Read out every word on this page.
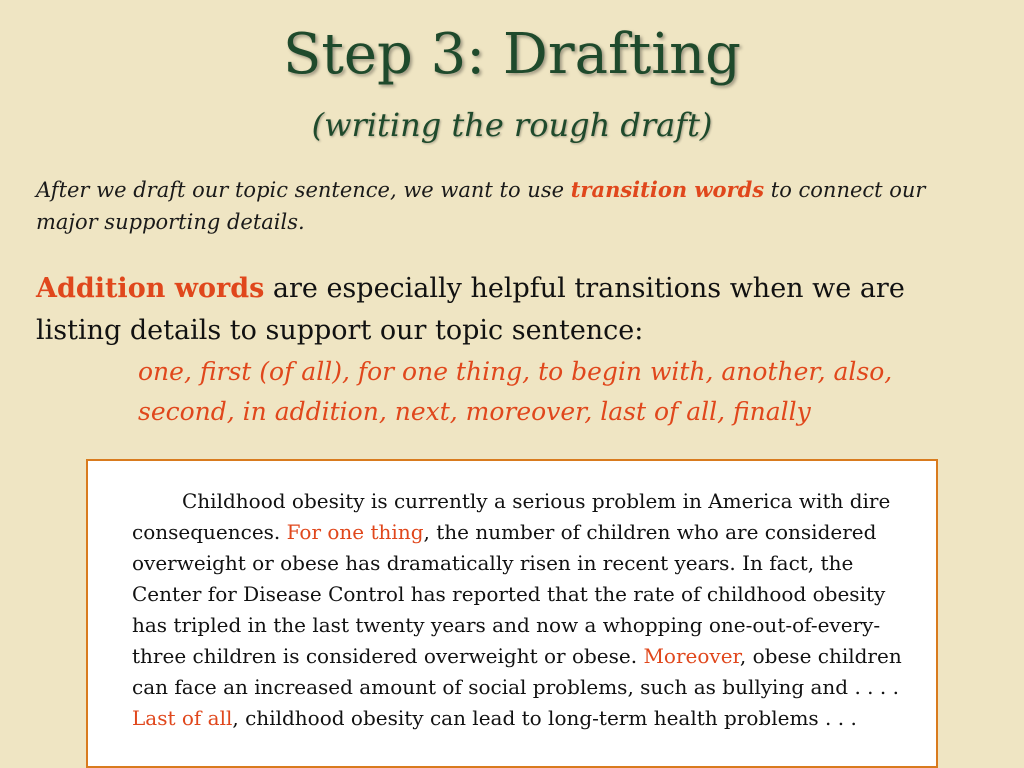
Step 3: Drafting
(writing the rough draft)
After we draft our topic sentence, we want to use transition words to connect our major supporting details.
Addition words are especially helpful transitions when we are listing details to support our topic sentence:
one, first (of all), for one thing, to begin with, another, also,
second, in addition, next, moreover, last of all, finally
Childhood obesity is currently a serious problem in America with dire consequences. For one thing, the number of children who are considered overweight or obese has dramatically risen in recent years. In fact, the Center for Disease Control has reported that the rate of childhood obesity has tripled in the last twenty years and now a whopping one-out-of-every-three children is considered overweight or obese. Moreover, obese children can face an increased amount of social problems, such as bullying and . . . . Last of all, childhood obesity can lead to long-term health problems . . .
